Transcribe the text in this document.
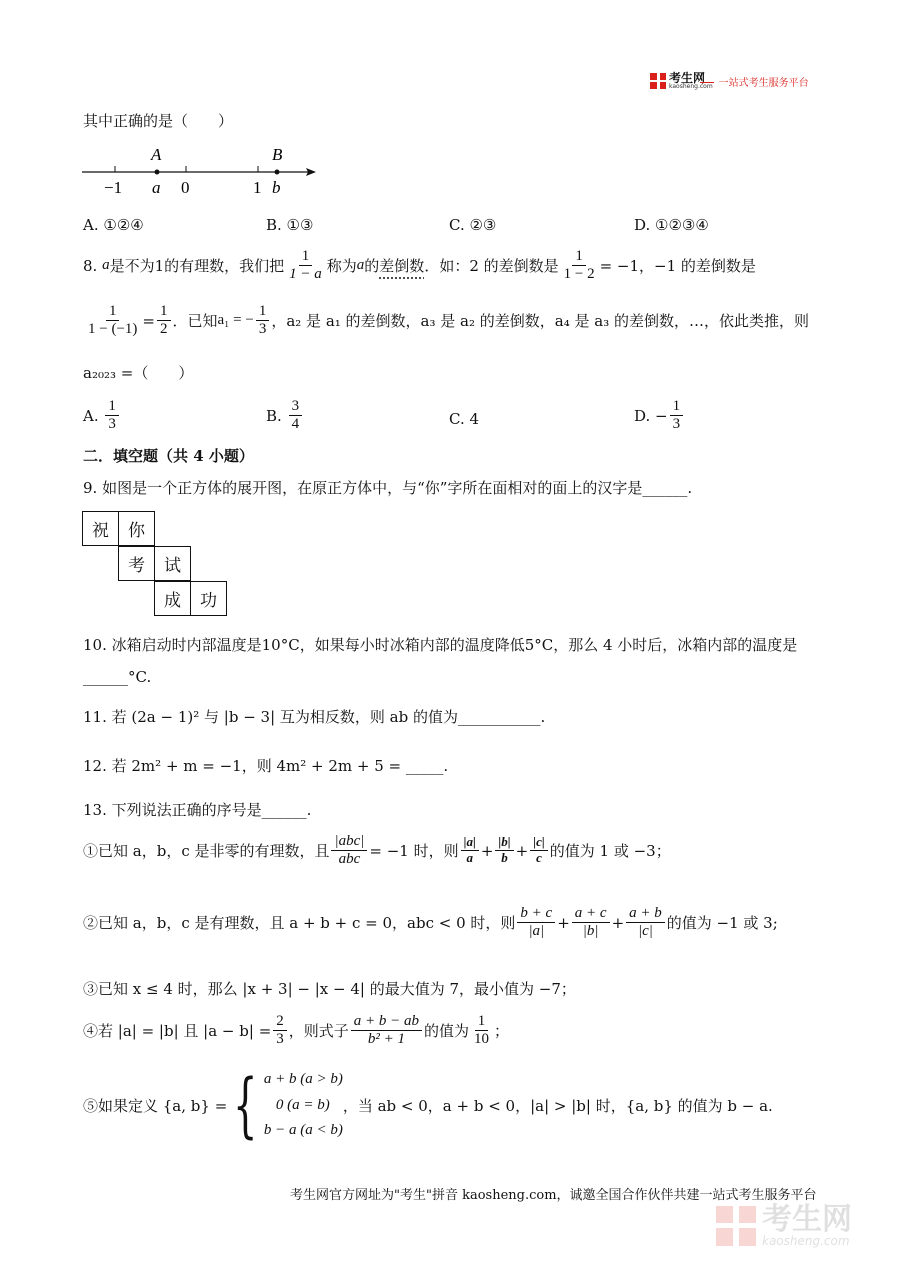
考生网
kaosheng.com 一站式考生服务平台
其中正确的是（　　）
A	B
−1 a 0	1 b
A. ①②④	B. ①③	C. ②③	D. ①②③④
8.
a 是不为1的有理数，我们把 $\frac{1}{1 - a}$ 称为 a 的 差倒数 ．如：2 的差倒数是 $\frac{1}{1 - 2} = -1$，−1 的差倒数是
$\frac{1}{1 - (-1)} = \frac{1}{2}$ ．已知 a₁ = − $\frac{1}{3}$ ，a₂ 是 a₁ 的差倒数，a₃ 是 a₂ 的差倒数，a₄ 是 a₃ 的差倒数，…，依此类推，则
a₂₀₂₃ =（　　）
A.
$\frac{1}{3}$	B.
$\frac{3}{4}$	C. 4	D. − $\frac{1}{3}$
二．填空题（共 4 小题）
9. 如图是一个正方体的展开图，在原正方体中，与“你”字所在面相对的面上的汉字是______.
祝	你
考	试
成	功
10. 冰箱启动时内部温度是10°C，如果每小时冰箱内部的温度降低5°C，那么 4 小时后，冰箱内部的温度是
______°C.
11. 若 (2a − 1)² 与 |b − 3| 互为相反数，则 ab 的值为___________.
12. 若 2m² + m = −1，则 4m² + 2m + 5 = _____.
13. 下列说法正确的序号是______.
①已知 a，b，c 是非零的有理数，且 $\frac{\text{|abc|}}{\text{abc}} = -1$ 时，则 $\frac{|a|}{a} + \frac{|b|}{b} + \frac{|c|}{c}$ 的值为 1 或 −3；
②已知 a，b，c 是有理数，且 a + b + c = 0，abc < 0 时，则 $\frac{b + c}{|a|} + \frac{a + c}{|b|} + \frac{a + b}{|c|}$ 的值为 −1 或 3;
③已知 x ≤ 4 时，那么 |x + 3| − |x − 4| 的最大值为 7，最小值为 −7；
④若 |a| = |b| 且 $|a - b| = \frac{2}{3}$ ，则式子 $\frac{a + b - ab}{\text{b² + 1}}$ 的值为 $\frac{1}{10}$ ；
⑤如果定义 {a, b} = { a + b (a > b)
0 (a = b)
b − a (a < b)
，当 ab < 0，a + b < 0，|a| > |b| 时，{a, b} 的值为 b − a.
考生网
kaosheng.com
考生网官方网址为"考生"拼音 kaosheng.com，诚邀全国合作伙伴共建一站式考生服务平台
